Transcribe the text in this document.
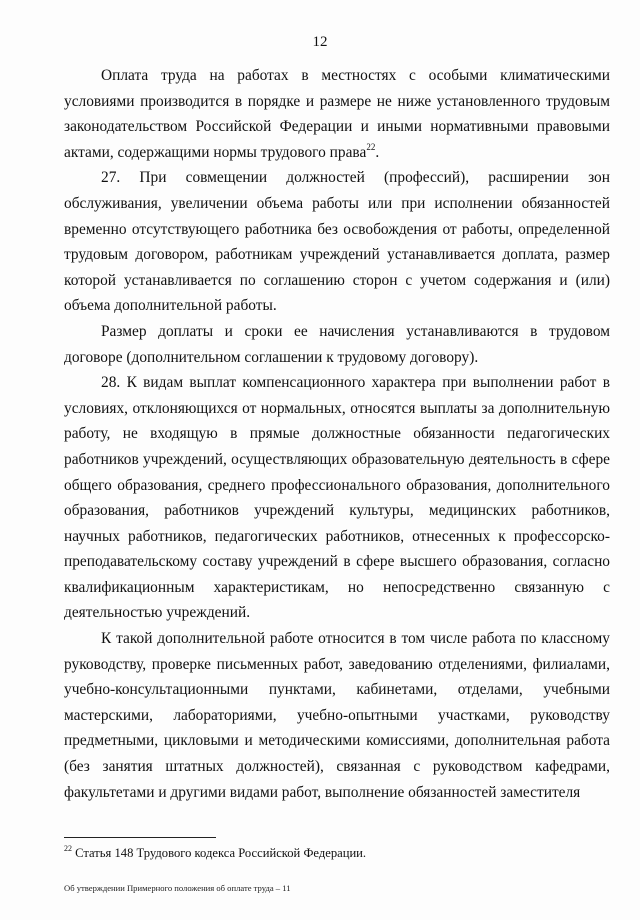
12

Оплата труда на работах в местностях с особыми климатическими условиями производится в порядке и размере не ниже установленного трудовым законодательством Российской Федерации и иными нормативными правовыми актами, содержащими нормы трудового права$^{22}$.

27. При совмещении должностей (профессий), расширении зон обслуживания, увеличении объема работы или при исполнении обязанностей временно отсутствующего работника без освобождения от работы, определенной трудовым договором, работникам учреждений устанавливается доплата, размер которой устанавливается по соглашению сторон с учетом содержания и (или) объема дополнительной работы.

Размер доплаты и сроки ее начисления устанавливаются в трудовом договоре (дополнительном соглашении к трудовому договору).

28. К видам выплат компенсационного характера при выполнении работ в условиях, отклоняющихся от нормальных, относятся выплаты за дополнительную работу, не входящую в прямые должностные обязанности педагогических работников учреждений, осуществляющих образовательную деятельность в сфере общего образования, среднего профессионального образования, дополнительного образования, работников учреждений культуры, медицинских работников, научных работников, педагогических работников, отнесенных к профессорско-преподавательскому составу учреждений в сфере высшего образования, согласно квалификационным характеристикам, но непосредственно связанную с деятельностью учреждений.

К такой дополнительной работе относится в том числе работа по классному руководству, проверке письменных работ, заведованию отделениями, филиалами, учебно-консультационными пунктами, кабинетами, отделами, учебными мастерскими, лабораториями, учебно-опытными участками, руководству предметными, цикловыми и методическими комиссиями, дополнительная работа (без занятия штатных должностей), связанная с руководством кафедрами, факультетами и другими видами работ, выполнение обязанностей заместителя

$^{22}$ Статья 148 Трудового кодекса Российской Федерации.
Об утверждении Примерного положения об оплате труда – 11
